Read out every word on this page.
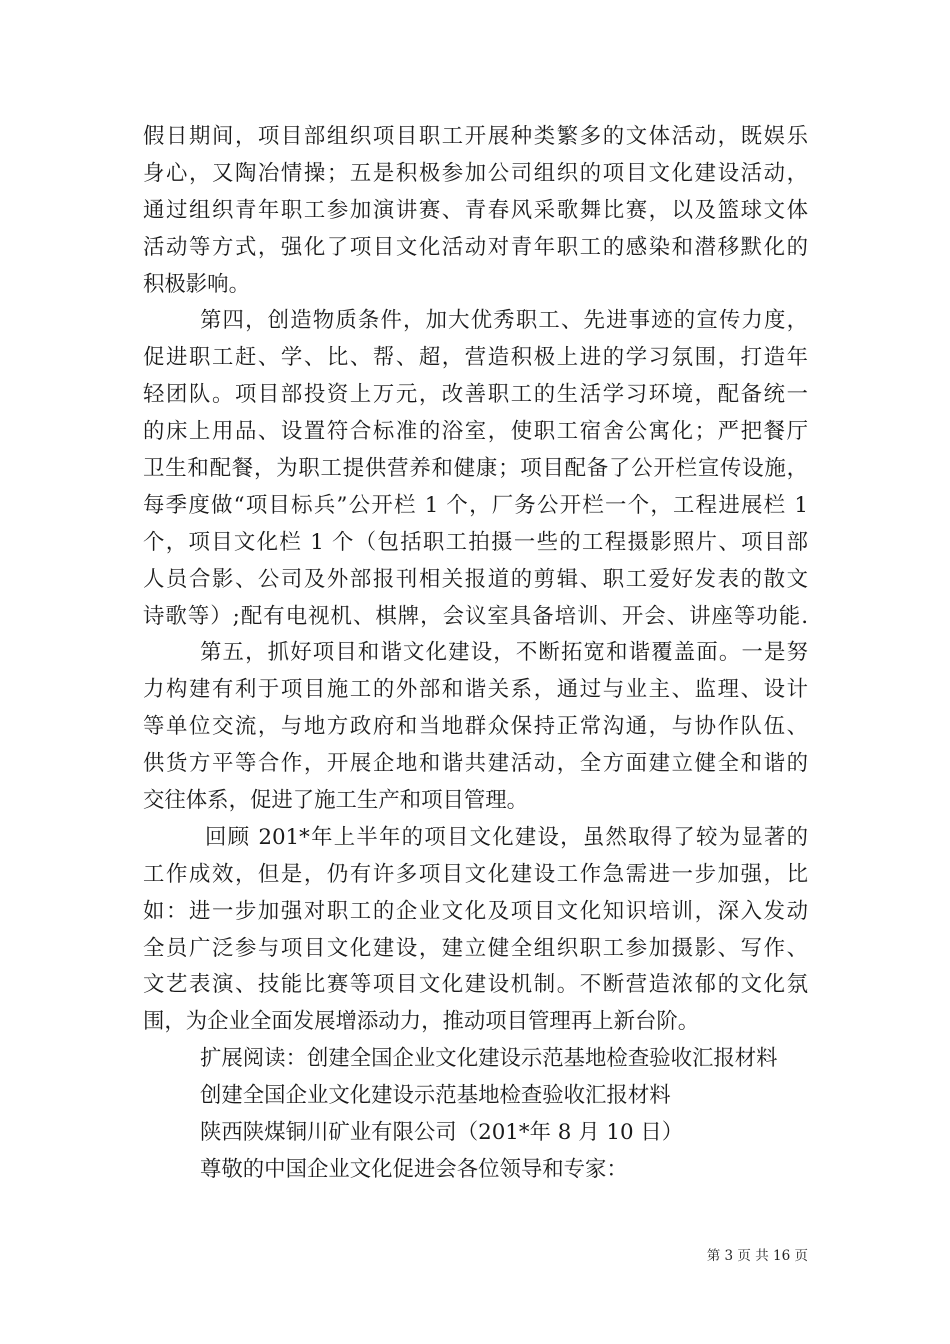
假日期间，项目部组织项目职工开展种类繁多的文体活动，既娱乐
身心，又陶冶情操；五是积极参加公司组织的项目文化建设活动，
通过组织青年职工参加演讲赛、青春风采歌舞比赛，以及篮球文体
活动等方式，强化了项目文化活动对青年职工的感染和潜移默化的
积极影响。
第四，创造物质条件，加大优秀职工、先进事迹的宣传力度，
促进职工赶、学、比、帮、超，营造积极上进的学习氛围，打造年
轻团队。项目部投资上万元，改善职工的生活学习环境，配备统一
的床上用品、设置符合标准的浴室，使职工宿舍公寓化；严把餐厅
卫生和配餐，为职工提供营养和健康；项目配备了公开栏宣传设施，
每季度做“项目标兵”公开栏 1 个，厂务公开栏一个，工程进展栏 1
个，项目文化栏 1 个（包括职工拍摄一些的工程摄影照片、项目部
人员合影、公司及外部报刊相关报道的剪辑、职工爱好发表的散文
诗歌等）;配有电视机、棋牌，会议室具备培训、开会、讲座等功能.
第五，抓好项目和谐文化建设，不断拓宽和谐覆盖面。一是努
力构建有利于项目施工的外部和谐关系，通过与业主、监理、设计
等单位交流，与地方政府和当地群众保持正常沟通，与协作队伍、
供货方平等合作，开展企地和谐共建活动，全方面建立健全和谐的
交往体系，促进了施工生产和项目管理。
回顾 201*年上半年的项目文化建设，虽然取得了较为显著的
工作成效，但是，仍有许多项目文化建设工作急需进一步加强，比
如：进一步加强对职工的企业文化及项目文化知识培训，深入发动
全员广泛参与项目文化建设，建立健全组织职工参加摄影、写作、
文艺表演、技能比赛等项目文化建设机制。不断营造浓郁的文化氛
围，为企业全面发展增添动力，推动项目管理再上新台阶。
扩展阅读：创建全国企业文化建设示范基地检查验收汇报材料
创建全国企业文化建设示范基地检查验收汇报材料
陕西陕煤铜川矿业有限公司（201*年 8 月 10 日）
尊敬的中国企业文化促进会各位领导和专家：
第 3 页 共 16 页
